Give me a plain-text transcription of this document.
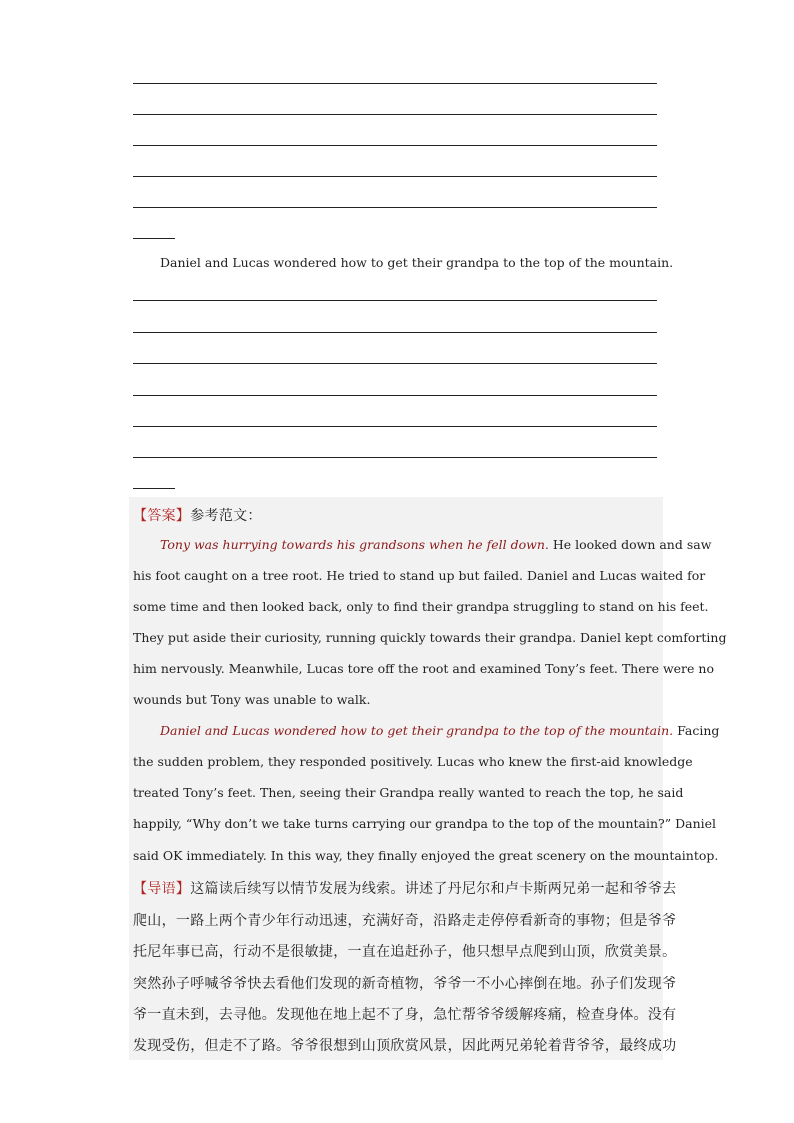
Daniel and Lucas wondered how to get their grandpa to the top of the mountain.
【答案】参考范文：
Tony was hurrying towards his grandsons when he fell down. He looked down and saw
his foot caught on a tree root. He tried to stand up but failed. Daniel and Lucas waited for
some time and then looked back, only to find their grandpa struggling to stand on his feet.
They put aside their curiosity, running quickly towards their grandpa. Daniel kept comforting
him nervously. Meanwhile, Lucas tore off the root and examined Tony’s feet. There were no
wounds but Tony was unable to walk.
Daniel and Lucas wondered how to get their grandpa to the top of the mountain. Facing
the sudden problem, they responded positively. Lucas who knew the first-aid knowledge
treated Tony’s feet. Then, seeing their Grandpa really wanted to reach the top, he said
happily, “Why don’t we take turns carrying our grandpa to the top of the mountain?” Daniel
said OK immediately. In this way, they finally enjoyed the great scenery on the mountaintop.
【导语】这篇读后续写以情节发展为线索。讲述了丹尼尔和卢卡斯两兄弟一起和爷爷去
爬山，一路上两个青少年行动迅速，充满好奇，沿路走走停停看新奇的事物；但是爷爷
托尼年事已高，行动不是很敏捷，一直在追赶孙子，他只想早点爬到山顶，欣赏美景。
突然孙子呼喊爷爷快去看他们发现的新奇植物，爷爷一不小心摔倒在地。孙子们发现爷
爷一直未到，去寻他。发现他在地上起不了身，急忙帮爷爷缓解疼痛，检查身体。没有
发现受伤，但走不了路。爷爷很想到山顶欣赏风景，因此两兄弟轮着背爷爷，最终成功
